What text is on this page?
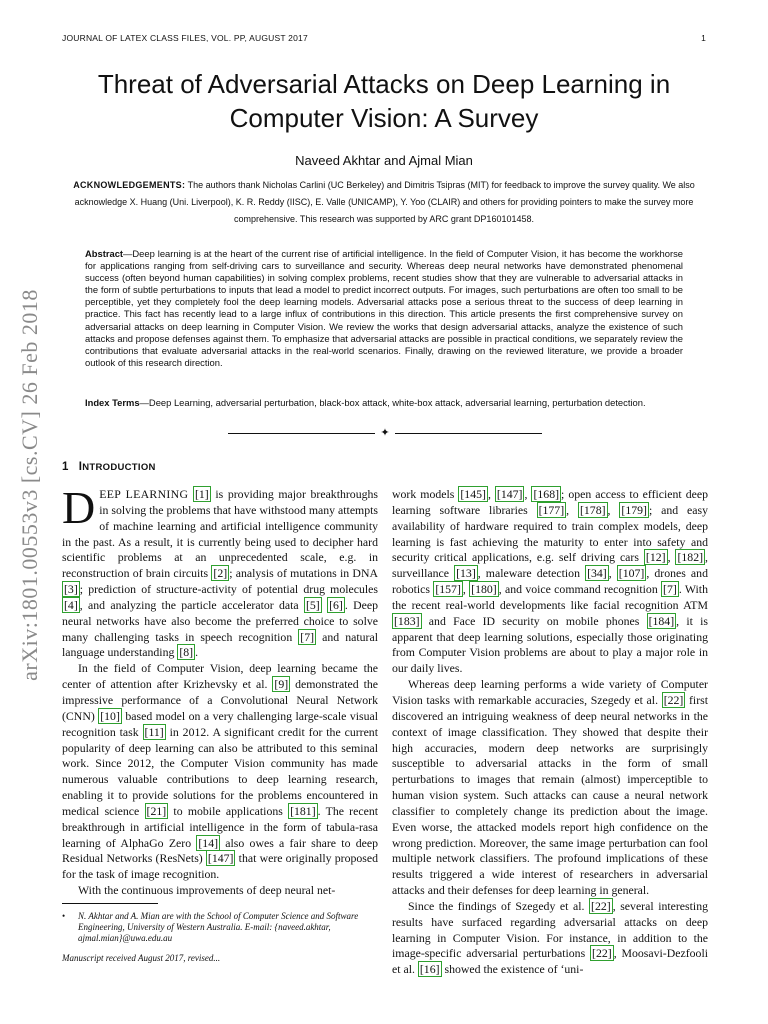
JOURNAL OF LATEX CLASS FILES, VOL. PP, AUGUST 2017	1
arXiv:1801.00553v3 [cs.CV] 26 Feb 2018
Threat of Adversarial Attacks on Deep Learning in Computer Vision: A Survey
Naveed Akhtar and Ajmal Mian
ACKNOWLEDGEMENTS: The authors thank Nicholas Carlini (UC Berkeley) and Dimitris Tsipras (MIT) for feedback to improve the survey quality. We also acknowledge X. Huang (Uni. Liverpool), K. R. Reddy (IISC), E. Valle (UNICAMP), Y. Yoo (CLAIR) and others for providing pointers to make the survey more comprehensive. This research was supported by ARC grant DP160101458.
Abstract—Deep learning is at the heart of the current rise of artificial intelligence. In the field of Computer Vision, it has become the workhorse for applications ranging from self-driving cars to surveillance and security. Whereas deep neural networks have demonstrated phenomenal success (often beyond human capabilities) in solving complex problems, recent studies show that they are vulnerable to adversarial attacks in the form of subtle perturbations to inputs that lead a model to predict incorrect outputs. For images, such perturbations are often too small to be perceptible, yet they completely fool the deep learning models. Adversarial attacks pose a serious threat to the success of deep learning in practice. This fact has recently lead to a large influx of contributions in this direction. This article presents the first comprehensive survey on adversarial attacks on deep learning in Computer Vision. We review the works that design adversarial attacks, analyze the existence of such attacks and propose defenses against them. To emphasize that adversarial attacks are possible in practical conditions, we separately review the contributions that evaluate adversarial attacks in the real-world scenarios. Finally, drawing on the reviewed literature, we provide a broader outlook of this research direction.
Index Terms—Deep Learning, adversarial perturbation, black-box attack, white-box attack, adversarial learning, perturbation detection.
✦
1 INTRODUCTION

DEEP LEARNING [1] is providing major breakthroughs in solving the problems that have withstood many attempts of machine learning and artificial intelligence community in the past. As a result, it is currently being used to decipher hard scientific problems at an unprecedented scale, e.g. in reconstruction of brain circuits [2] ; analysis of mutations in DNA [3] ; prediction of structure-activity of potential drug molecules [4] , and analyzing the particle accelerator data [5] [6] . Deep neural networks have also become the preferred choice to solve many challenging tasks in speech recognition [7] and natural language understanding [8] .

In the field of Computer Vision, deep learning became the center of attention after Krizhevsky et al. [9] demonstrated the impressive performance of a Convolutional Neural Network (CNN) [10] based model on a very challenging large-scale visual recognition task [11] in 2012. A significant credit for the current popularity of deep learning can also be attributed to this seminal work. Since 2012, the Computer Vision community has made numerous valuable contributions to deep learning research, enabling it to provide solutions for the problems encountered in medical science [21] to mobile applications [181] . The recent breakthrough in artificial intelligence in the form of tabula-rasa learning of AlphaGo Zero [14] also owes a fair share to deep Residual Networks (ResNets) [147] that were originally proposed for the task of image recognition.

With the continuous improvements of deep neural net-

• N. Akhtar and A. Mian are with the School of Computer Science and Software Engineering, University of Western Australia. E-mail: {naveed.akhtar, ajmal.mian}@uwa.edu.au
Manuscript received August 2017, revised...

work models [145] , [147] , [168] ; open access to efficient deep learning software libraries [177] , [178] , [179] ; and easy availability of hardware required to train complex models, deep learning is fast achieving the maturity to enter into safety and security critical applications, e.g. self driving cars [12] , [182] , surveillance [13] , maleware detection [34] , [107] , drones and robotics [157] , [180] , and voice command recognition [7] . With the recent real-world developments like facial recognition ATM [183] and Face ID security on mobile phones [184] , it is apparent that deep learning solutions, especially those originating from Computer Vision problems are about to play a major role in our daily lives.

Whereas deep learning performs a wide variety of Computer Vision tasks with remarkable accuracies, Szegedy et al. [22] first discovered an intriguing weakness of deep neural networks in the context of image classification. They showed that despite their high accuracies, modern deep networks are surprisingly susceptible to adversarial attacks in the form of small perturbations to images that remain (almost) imperceptible to human vision system. Such attacks can cause a neural network classifier to completely change its prediction about the image. Even worse, the attacked models report high confidence on the wrong prediction. Moreover, the same image perturbation can fool multiple network classifiers. The profound implications of these results triggered a wide interest of researchers in adversarial attacks and their defenses for deep learning in general.

Since the findings of Szegedy et al. [22] , several interesting results have surfaced regarding adversarial attacks on deep learning in Computer Vision. For instance, in addition to the image-specific adversarial perturbations [22] , Moosavi-Dezfooli et al. [16] showed the existence of ‘uni-
